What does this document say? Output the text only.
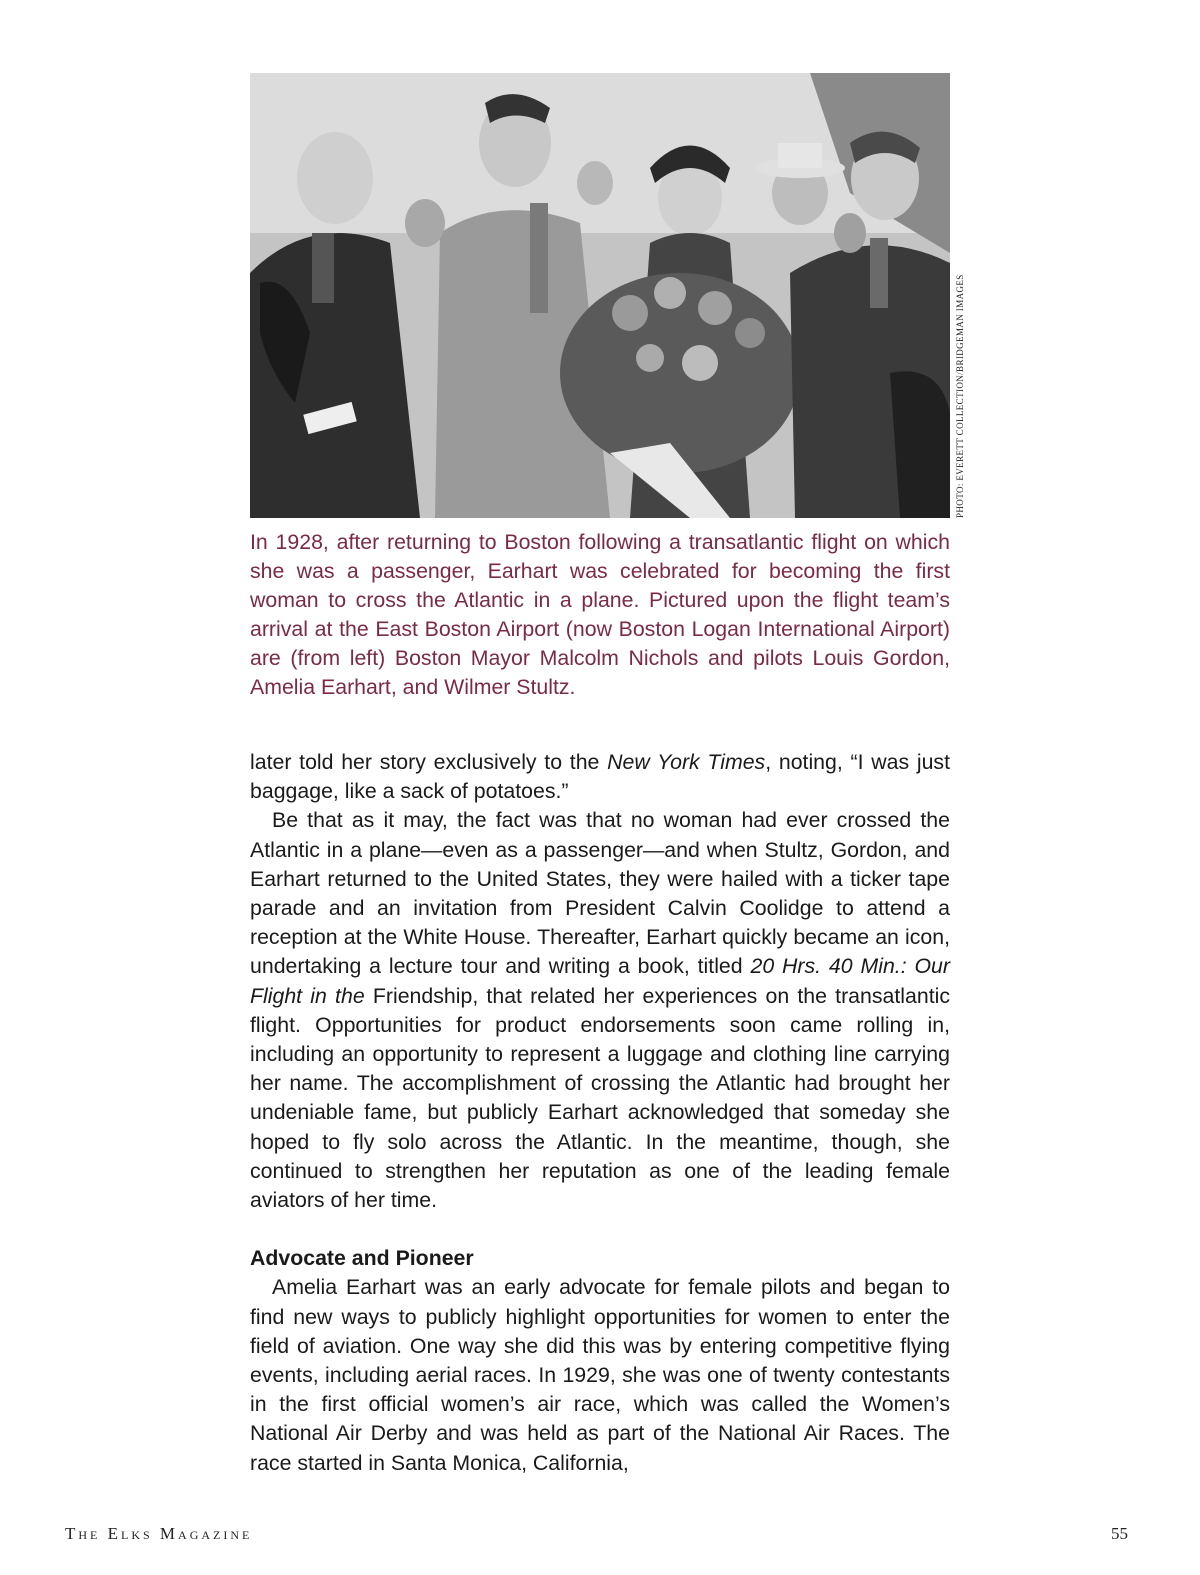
PHOTO: EVERETT COLLECTION/BRIDGEMAN IMAGES

In 1928, after returning to Boston following a transatlantic flight on which she was a passenger, Earhart was celebrated for becoming the first woman to cross the Atlantic in a plane. Pictured upon the flight team’s arrival at the East Boston Airport (now Boston Logan International Airport) are (from left) Boston Mayor Malcolm Nichols and pilots Louis Gordon, Amelia Earhart, and Wilmer Stultz.

later told her story exclusively to the New York Times, noting, “I was just baggage, like a sack of potatoes.”

Be that as it may, the fact was that no woman had ever crossed the Atlantic in a plane—even as a passenger—and when Stultz, Gordon, and Earhart returned to the United States, they were hailed with a ticker tape parade and an invitation from President Calvin Coolidge to attend a reception at the White House. Thereafter, Earhart quickly became an icon, undertaking a lecture tour and writing a book, titled 20 Hrs. 40 Min.: Our Flight in the Friendship, that related her experiences on the transatlantic flight. Opportunities for product endorsements soon came rolling in, including an opportunity to represent a luggage and clothing line carrying her name. The accomplishment of crossing the Atlantic had brought her undeniable fame, but publicly Earhart acknowledged that someday she hoped to fly solo across the Atlantic. In the meantime, though, she continued to strengthen her reputation as one of the leading female aviators of her time.

Advocate and Pioneer

Amelia Earhart was an early advocate for female pilots and began to find new ways to publicly highlight opportunities for women to enter the field of aviation. One way she did this was by entering competitive flying events, including aerial races. In 1929, she was one of twenty contestants in the first official women’s air race, which was called the Women’s National Air Derby and was held as part of the National Air Races. The race started in Santa Monica, California,

The Elks Magazine	55
